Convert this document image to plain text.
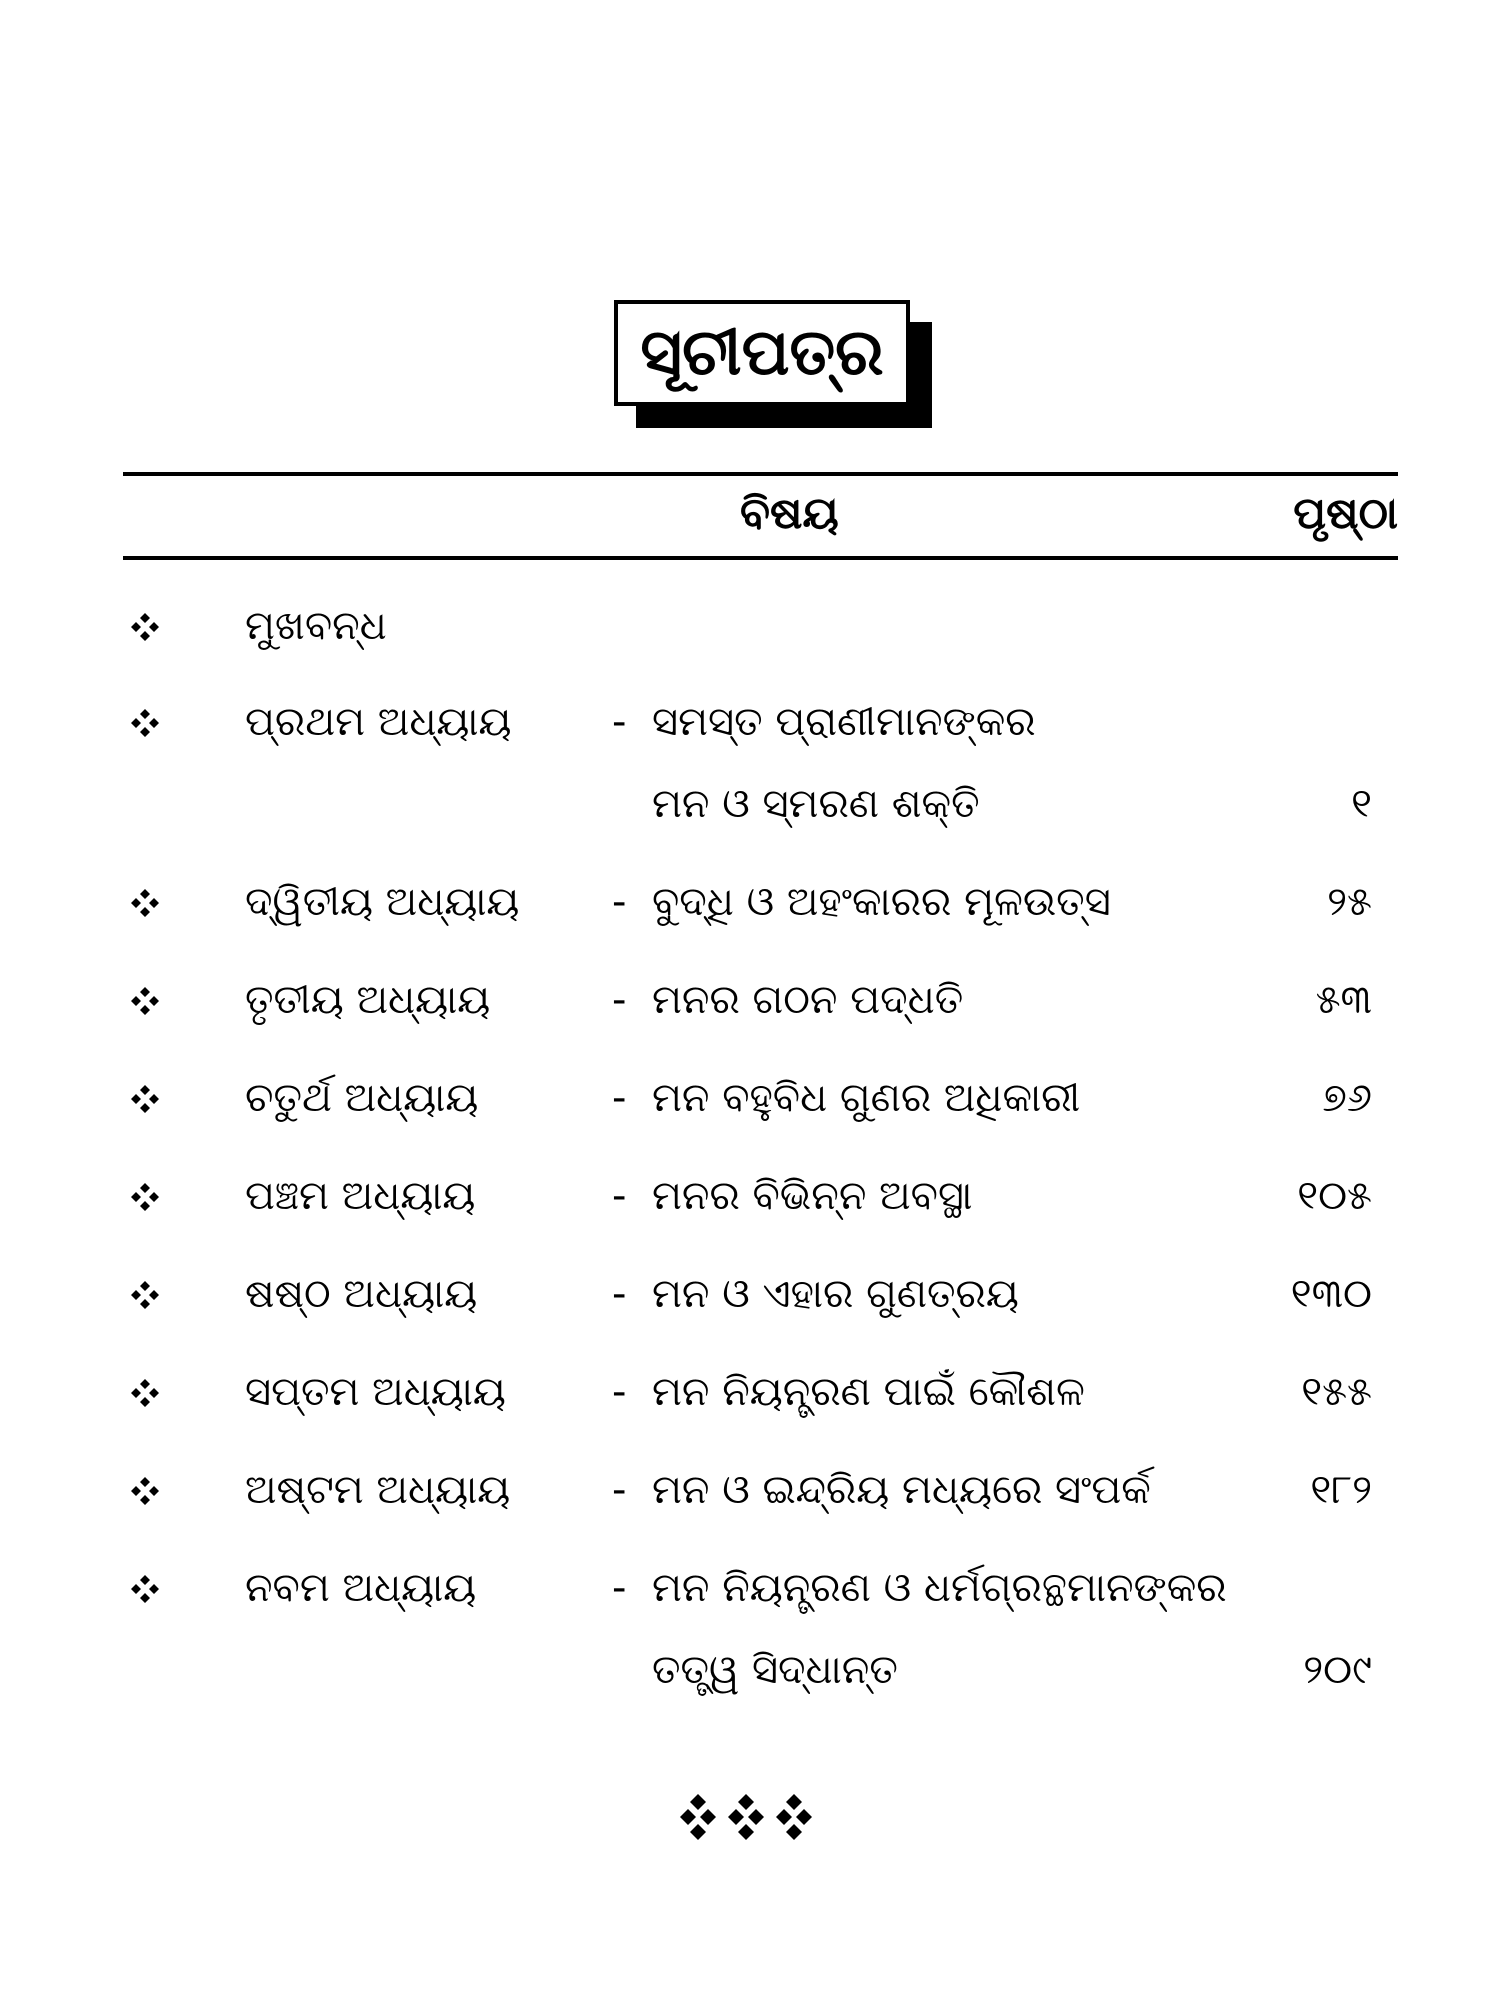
ସୂଚୀପତ୍ର
ବିଷୟ	ପୃଷ୍ଠା
ମୁଖବନ୍ଧ
ପ୍ରଥମ ଅଧ୍ୟାୟ	- ସମସ୍ତ ପ୍ରାଣୀମାନଙ୍କର
ମନ ଓ ସ୍ମରଣ ଶକ୍ତି	୧
ଦ୍ୱିତୀୟ ଅଧ୍ୟାୟ - ବୁଦ୍ଧି ଓ ଅହଂକାରର ମୂଳଉତ୍ସ	୨୫
ତୃତୀୟ ଅଧ୍ୟାୟ	- ମନର ଗଠନ ପଦ୍ଧତି	୫୩
ଚତୁର୍ଥ ଅଧ୍ୟାୟ	- ମନ ବହୁବିଧ ଗୁଣର ଅଧିକାରୀ	୭୬
ପଞ୍ଚମ ଅଧ୍ୟାୟ	- ମନର ବିଭିନ୍ନ ଅବସ୍ଥା	୧୦୫
ଷଷ୍ଠ ଅଧ୍ୟାୟ	- ମନ ଓ ଏହାର ଗୁଣତ୍ରୟ	୧୩୦
ସପ୍ତମ ଅଧ୍ୟାୟ	- ମନ ନିୟନ୍ତ୍ରଣ ପାଇଁ କୌଶଳ	୧୫୫
ଅଷ୍ଟମ ଅଧ୍ୟାୟ	- ମନ ଓ ଇନ୍ଦ୍ରିୟ ମଧ୍ୟରେ ସଂପର୍କ	୧୮୨
ନବମ ଅଧ୍ୟାୟ	- ମନ ନିୟନ୍ତ୍ରଣ ଓ ଧର୍ମଗ୍ରନ୍ଥମାନଙ୍କର
ତତ୍ତ୍ୱ ସିଦ୍ଧାନ୍ତ	୨୦୯
